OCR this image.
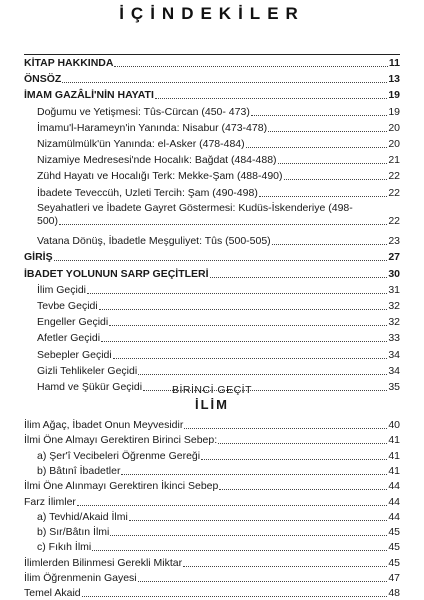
İÇİNDEKİLER
KİTAP HAKKINDA	11
ÖNSÖZ	13
İMAM GAZÂLİ'NİN HAYATI	19
Doğumu ve Yetişmesi: Tûs-Cürcan (450- 473)	19
İmamu'l-Harameyn'in Yanında: Nisabur (473-478)	20
Nizamülmülk'ün Yanında: el-Asker (478-484)	20
Nizamiye Medresesi'nde Hocalık: Bağdat (484-488)	21
Zühd Hayatı ve Hocalığı Terk: Mekke-Şam (488-490)	22
İbadete Teveccüh, Uzleti Tercih: Şam (490-498)	22
Seyahatleri ve İbadete Gayret Göstermesi: Kudüs-İskenderiye (498-
500)	22
Vatana Dönüş, İbadetle Meşguliyet: Tûs (500-505)	23
GİRİŞ	27
İBADET YOLUNUN SARP GEÇİTLERİ	30
İlim Geçidi	31
Tevbe Geçidi	32
Engeller Geçidi	32
Afetler Geçidi	33
Sebepler Geçidi	34
Gizli Tehlikeler Geçidi	34
Hamd ve Şükür Geçidi	35
BİRİNCİ GEÇİT
İLİM
İlim Ağaç, İbadet Onun Meyvesidir	40
İlmi Öne Almayı Gerektiren Birinci Sebep:	41
a) Şer'î Vecibeleri Öğrenme Gereği	41
b) Bâtınî İbadetler	41
İlmi Öne Alınmayı Gerektiren İkinci Sebep	44
Farz İlimler	44
a) Tevhid/Akaid İlmi	44
b) Sır/Bâtın İlmi	45
c) Fıkıh İlmi	45
İlimlerden Bilinmesi Gerekli Miktar	45
İlim Öğrenmenin Gayesi	47
Temel Akaid	48
